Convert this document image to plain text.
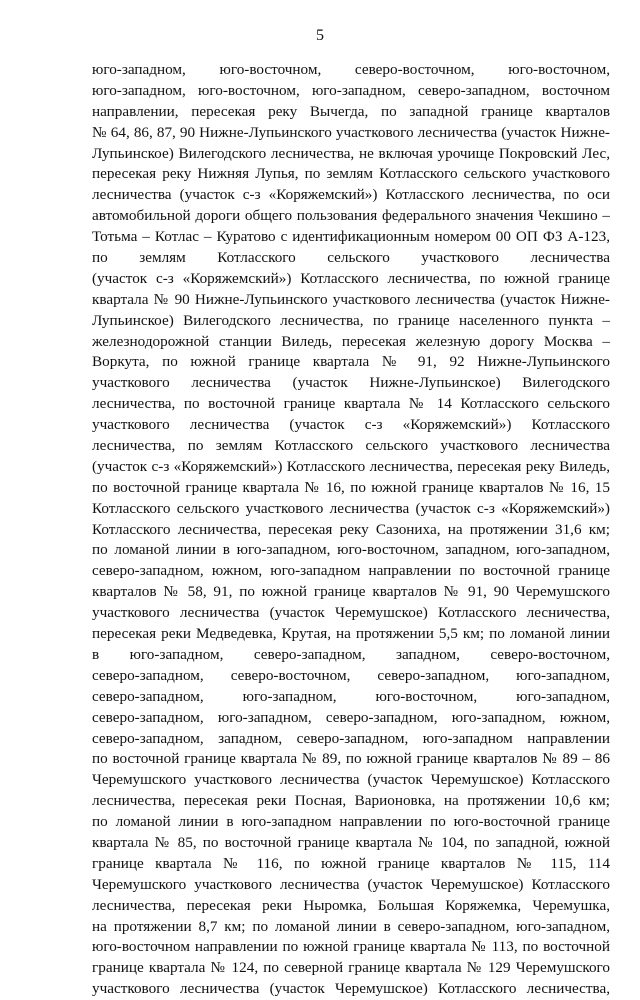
5
юго-западном, юго-восточном, северо-восточном, юго-восточном,
юго-западном, юго-восточном, юго-западном, северо-западном, восточном
направлении, пересекая реку Вычегда, по западной границе кварталов
№ 64, 86, 87, 90 Нижне-Лупьинского участкового лесничества (участок Нижне-
Лупьинское) Вилегодского лесничества, не включая урочище Покровский Лес,
пересекая реку Нижняя Лупья, по землям Котласского сельского участкового
лесничества (участок с-з «Коряжемский») Котласского лесничества, по оси
автомобильной дороги общего пользования федерального значения Чекшино –
Тотьма – Котлас – Куратово с идентификационным номером 00 ОП ФЗ А-123,
по землям Котласского сельского участкового лесничества
(участок с-з «Коряжемский») Котласского лесничества, по южной границе
квартала № 90 Нижне-Лупьинского участкового лесничества (участок Нижне-
Лупьинское) Вилегодского лесничества, по границе населенного пункта –
железнодорожной станции Виледь, пересекая железную дорогу Москва –
Воркута, по южной границе квартала № 91, 92 Нижне-Лупьинского
участкового лесничества (участок Нижне-Лупьинское) Вилегодского
лесничества, по восточной границе квартала № 14 Котласского сельского
участкового лесничества (участок с-з «Коряжемский») Котласского
лесничества, по землям Котласского сельского участкового лесничества
(участок с-з «Коряжемский») Котласского лесничества, пересекая реку Виледь,
по восточной границе квартала № 16, по южной границе кварталов № 16, 15
Котласского сельского участкового лесничества (участок с-з «Коряжемский»)
Котласского лесничества, пересекая реку Сазониха, на протяжении 31,6 км;
по ломаной линии в юго-западном, юго-восточном, западном, юго-западном,
северо-западном, южном, юго-западном направлении по восточной границе
кварталов № 58, 91, по южной границе кварталов № 91, 90 Черемушского
участкового лесничества (участок Черемушское) Котласского лесничества,
пересекая реки Медведевка, Крутая, на протяжении 5,5 км; по ломаной линии
в юго-западном, северо-западном, западном, северо-восточном,
северо-западном, северо-восточном, северо-западном, юго-западном,
северо-западном, юго-западном, юго-восточном, юго-западном,
северо-западном, юго-западном, северо-западном, юго-западном, южном,
северо-западном, западном, северо-западном, юго-западном направлении
по восточной границе квартала № 89, по южной границе кварталов № 89 – 86
Черемушского участкового лесничества (участок Черемушское) Котласского
лесничества, пересекая реки Посная, Варионовка, на протяжении 10,6 км;
по ломаной линии в юго-западном направлении по юго-восточной границе
квартала № 85, по восточной границе квартала № 104, по западной, южной
границе квартала № 116, по южной границе кварталов № 115, 114
Черемушского участкового лесничества (участок Черемушское) Котласского
лесничества, пересекая реки Ныромка, Большая Коряжемка, Черемушка,
на протяжении 8,7 км; по ломаной линии в северо-западном, юго-западном,
юго-восточном направлении по южной границе квартала № 113, по восточной
границе квартала № 124, по северной границе квартала № 129 Черемушского
участкового лесничества (участок Черемушское) Котласского лесничества,
